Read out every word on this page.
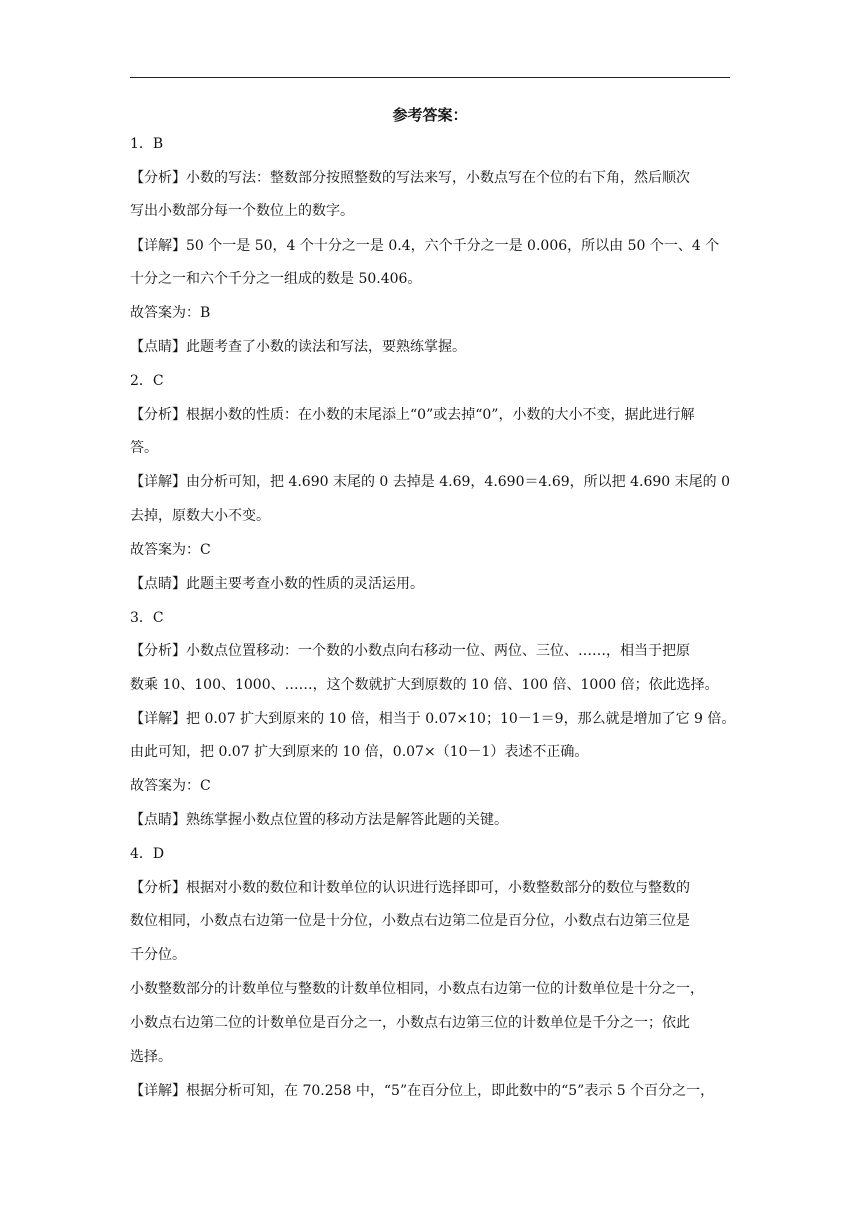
参考答案：
1．B
【分析】小数的写法：整数部分按照整数的写法来写，小数点写在个位的右下角，然后顺次
写出小数部分每一个数位上的数字。
【详解】50 个一是 50，4 个十分之一是 0.4，六个千分之一是 0.006，所以由 50 个一、4 个
十分之一和六个千分之一组成的数是 50.406。
故答案为：B
【点睛】此题考查了小数的读法和写法，要熟练掌握。
2．C
【分析】根据小数的性质：在小数的末尾添上“0”或去掉“0”，小数的大小不变，据此进行解
答。
【详解】由分析可知，把 4.690 末尾的 0 去掉是 4.69，4.690＝4.69，所以把 4.690 末尾的 0
去掉，原数大小不变。
故答案为：C
【点睛】此题主要考查小数的性质的灵活运用。
3．C
【分析】小数点位置移动：一个数的小数点向右移动一位、两位、三位、……，相当于把原
数乘 10、100、1000、……，这个数就扩大到原数的 10 倍、100 倍、1000 倍；依此选择。
【详解】把 0.07 扩大到原来的 10 倍，相当于 0.07×10；10－1＝9，那么就是增加了它 9 倍。
由此可知，把 0.07 扩大到原来的 10 倍，0.07×（10－1）表述不正确。
故答案为：C
【点睛】熟练掌握小数点位置的移动方法是解答此题的关键。
4．D
【分析】根据对小数的数位和计数单位的认识进行选择即可，小数整数部分的数位与整数的
数位相同，小数点右边第一位是十分位，小数点右边第二位是百分位，小数点右边第三位是
千分位。
小数整数部分的计数单位与整数的计数单位相同，小数点右边第一位的计数单位是十分之一，
小数点右边第二位的计数单位是百分之一，小数点右边第三位的计数单位是千分之一；依此
选择。
【详解】根据分析可知，在 70.258 中，“5”在百分位上，即此数中的“5”表示 5 个百分之一，
